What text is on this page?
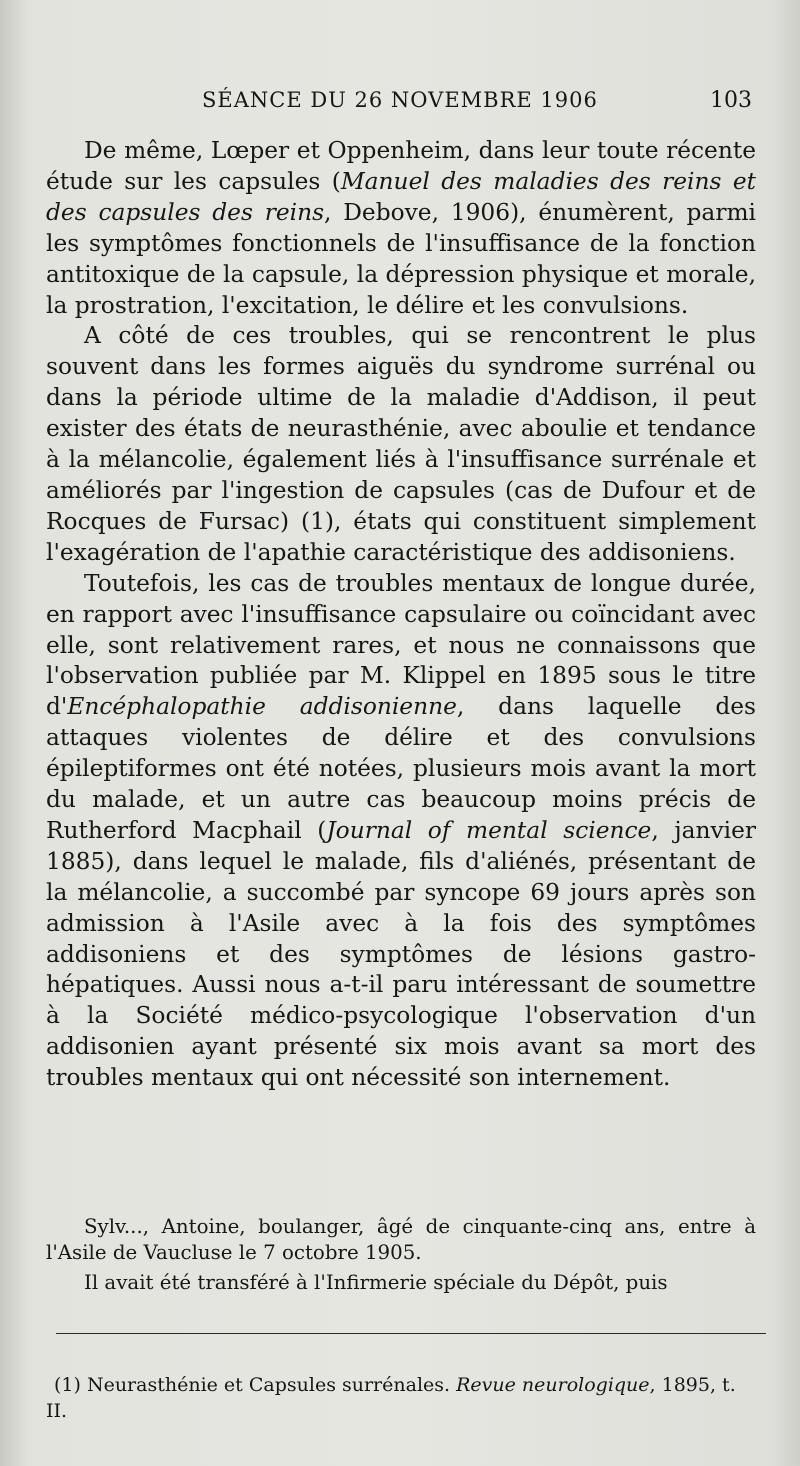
SÉANCE DU 26 NOVEMBRE 1906	103

De même, Lœper et Oppenheim, dans leur toute récente étude sur les capsules (Manuel des maladies des reins et des capsules des reins, Debove, 1906), énumèrent, parmi les symptômes fonctionnels de l'insuffisance de la fonction antitoxique de la capsule, la dépression physique et morale, la prostration, l'excitation, le délire et les convulsions.

A côté de ces troubles, qui se rencontrent le plus souvent dans les formes aiguës du syndrome surrénal ou dans la période ultime de la maladie d'Addison, il peut exister des états de neurasthénie, avec aboulie et tendance à la mélancolie, également liés à l'insuffisance surrénale et améliorés par l'ingestion de capsules (cas de Dufour et de Rocques de Fursac) (1), états qui constituent simplement l'exagération de l'apathie caractéristique des addisoniens.

Toutefois, les cas de troubles mentaux de longue durée, en rapport avec l'insuffisance capsulaire ou coïncidant avec elle, sont relativement rares, et nous ne connaissons que l'observation publiée par M. Klippel en 1895 sous le titre d'Encéphalopathie addisonienne, dans laquelle des attaques violentes de délire et des convulsions épileptiformes ont été notées, plusieurs mois avant la mort du malade, et un autre cas beaucoup moins précis de Rutherford Macphail (Journal of mental science, janvier 1885), dans lequel le malade, fils d'aliénés, présentant de la mélancolie, a succombé par syncope 69 jours après son admission à l'Asile avec à la fois des symptômes addisoniens et des symptômes de lésions gastro-hépatiques. Aussi nous a-t-il paru intéressant de soumettre à la Société médico-psycologique l'observation d'un addisonien ayant présenté six mois avant sa mort des troubles mentaux qui ont nécessité son internement.

Sylv..., Antoine, boulanger, âgé de cinquante-cinq ans, entre à l'Asile de Vaucluse le 7 octobre 1905.

Il avait été transféré à l'Infirmerie spéciale du Dépôt, puis

(1) Neurasthénie et Capsules surrénales. Revue neurologique, 1895, t. II.
